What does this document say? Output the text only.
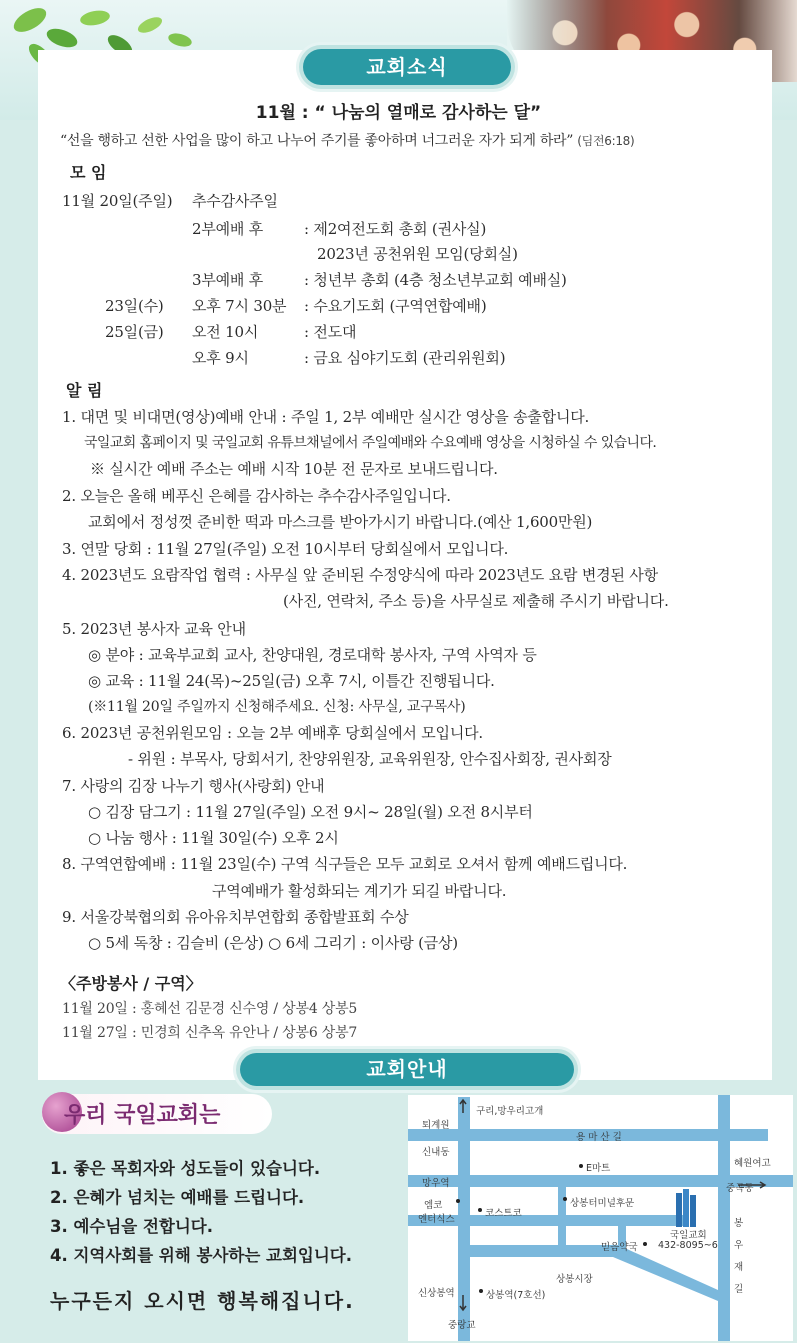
교회소식
11월 : “ 나눔의 열매로 감사하는 달”
“선을 행하고 선한 사업을 많이 하고 나누어 주기를 좋아하며 너그러운 자가 되게 하라” (딤전6:18)
모 임
11월 20일(주일) 추수감사주일
2부예배 후	: 제2여전도회 총회 (권사실)
2023년 공천위원 모임(당회실)
3부예배 후	: 청년부 총회 (4층 청소년부교회 예배실)
23일(수) 오후 7시 30분 : 수요기도회 (구역연합예배)
25일(금) 오전 10시	: 전도대
오후 9시	: 금요 심야기도회 (관리위원회)
알 림
1. 대면 및 비대면(영상)예배 안내 : 주일 1, 2부 예배만 실시간 영상을 송출합니다.
국일교회 홈페이지 및 국일교회 유튜브채널에서 주일예배와 수요예배 영상을 시청하실 수 있습니다.
※ 실시간 예배 주소는 예배 시작 10분 전 문자로 보내드립니다.
2. 오늘은 올해 베푸신 은혜를 감사하는 추수감사주일입니다.
교회에서 정성껏 준비한 떡과 마스크를 받아가시기 바랍니다.(예산 1,600만원)
3. 연말 당회 : 11월 27일(주일) 오전 10시부터 당회실에서 모입니다.
4. 2023년도 요람작업 협력 : 사무실 앞 준비된 수정양식에 따라 2023년도 요람 변경된 사항
(사진, 연락처, 주소 등)을 사무실로 제출해 주시기 바랍니다.
5. 2023년 봉사자 교육 안내
◎ 분야 : 교육부교회 교사, 찬양대원, 경로대학 봉사자, 구역 사역자 등
◎ 교육 : 11월 24(목)~25일(금) 오후 7시, 이틀간 진행됩니다.
(※11월 20일 주일까지 신청해주세요. 신청: 사무실, 교구목사)
6. 2023년 공천위원모임 : 오늘 2부 예배후 당회실에서 모입니다.
- 위원 : 부목사, 당회서기, 찬양위원장, 교육위원장, 안수집사회장, 권사회장
7. 사랑의 김장 나누기 행사(사랑회) 안내
○ 김장 담그기 : 11월 27일(주일) 오전 9시~ 28일(월) 오전 8시부터
○ 나눔 행사 : 11월 30일(수) 오후 2시
8. 구역연합예배 : 11월 23일(수) 구역 식구들은 모두 교회로 오셔서 함께 예배드립니다.
구역예배가 활성화되는 계기가 되길 바랍니다.
9. 서울강북협의회 유아유치부연합회 종합발표회 수상
○ 5세 독창 : 김슬비 (은상) ○ 6세 그리기 : 이사랑 (금상)
〈주방봉사 / 구역〉
11월 20일 : 홍혜선 김문경 신수영 / 상봉4 상봉5
11월 27일 : 민경희 신추옥 유안나 / 상봉6 상봉7
교회안내
우리 국일교회는
1. 좋은 목회자와 성도들이 있습니다.
2. 은혜가 넘치는 예배를 드립니다.
3. 예수님을 전합니다.
4. 지역사회를 위해 봉사하는 교회입니다.
누구든지 오시면 행복해집니다.
퇴계원
구리,망우리고개
용 마 산 길
신내동
E마트	혜원여고
망우역	중곡동
엠코
엔터식스
코스트코
상봉터미널후문
국일교회
432-8095~6
믿음약국
봉
우
재
길
상봉시장
신상봉역	상봉역(7호선)
중랑교
